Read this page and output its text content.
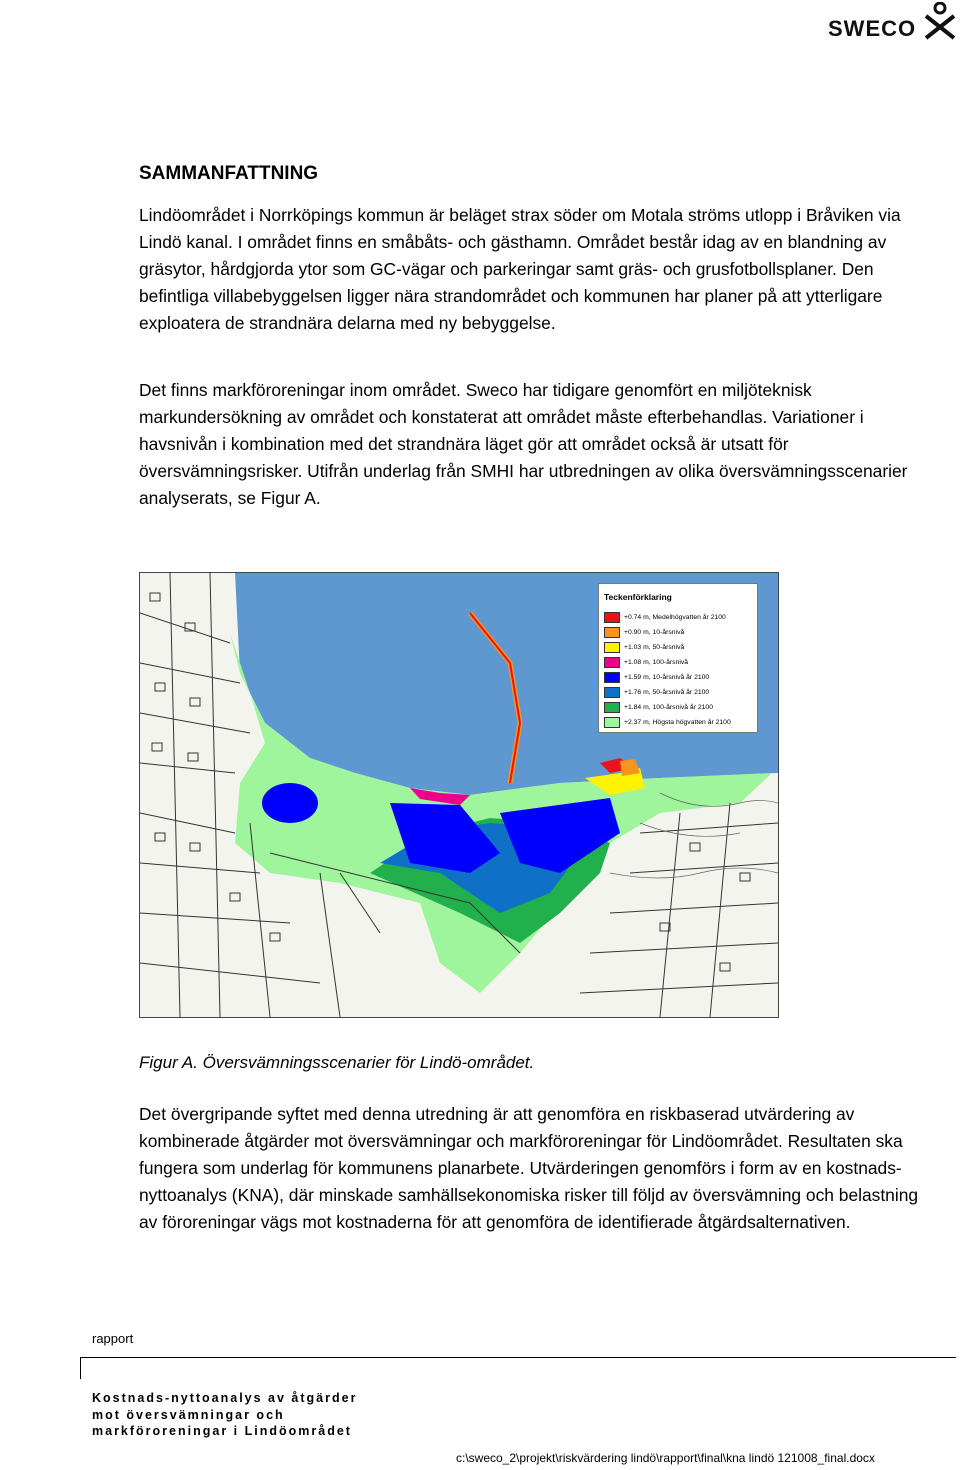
SWECO
SAMMANFATTNING

Lindöområdet i Norrköpings kommun är beläget strax söder om Motala ströms utlopp i Bråviken via Lindö kanal. I området finns en småbåts- och gästhamn. Området består idag av en blandning av gräsytor, hårdgjorda ytor som GC-vägar och parkeringar samt gräs- och grusfotbollsplaner. Den befintliga villabebyggelsen ligger nära strandområdet och kommunen har planer på att ytterligare exploatera de strandnära delarna med ny bebyggelse.

Det finns markföroreningar inom området. Sweco har tidigare genomfört en miljöteknisk markundersökning av området och konstaterat att området måste efterbehandlas. Variationer i havsnivån i kombination med det strandnära läget gör att området också är utsatt för översvämningsrisker. Utifrån underlag från SMHI har utbredningen av olika översvämningsscenarier analyserats, se Figur A.

Teckenförklaring
+0.74 m, Medelhögvatten år 2100
+0.90 m, 10-årsnivå
+1.03 m, 50-årsnivå
+1.08 m, 100-årsnivå
+1.59 m, 10-årsnivå år 2100
+1.76 m, 50-årsnivå år 2100
+1.84 m, 100-årsnivå år 2100
+2.37 m, Högsta högvatten år 2100

Figur A. Översvämningsscenarier för Lindö-området.

Det övergripande syftet med denna utredning är att genomföra en riskbaserad utvärdering av kombinerade åtgärder mot översvämningar och markföroreningar för Lindöområdet. Resultaten ska fungera som underlag för kommunens planarbete. Utvärderingen genomförs i form av en kostnads-nyttoanalys (KNA), där minskade samhällsekonomiska risker till följd av översvämning och belastning av föroreningar vägs mot kostnaderna för att genomföra de identifierade åtgärdsalternativen.

rapport
Kostnads-nyttoanalys av åtgärder
mot översvämningar och
markföroreningar i Lindöområdet
c:\sweco_2\projekt\riskvärdering lindö\rapport\final\kna lindö 121008_final.docx
